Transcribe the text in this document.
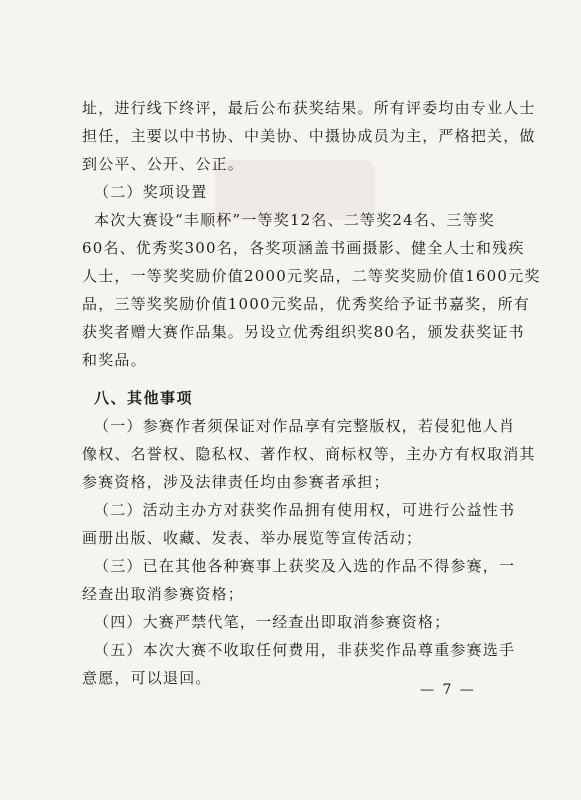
址，进行线下终评，最后公布获奖结果。所有评委均由专业人士
担任，主要以中书协、中美协、中摄协成员为主，严格把关，做
到公平、公开、公正。
（二）奖项设置
本次大赛设“丰顺杯”一等奖12名、二等奖24名、三等奖
60名、优秀奖300名，各奖项涵盖书画摄影、健全人士和残疾
人士，一等奖奖励价值2000元奖品，二等奖奖励价值1600元奖
品，三等奖奖励价值1000元奖品，优秀奖给予证书嘉奖，所有
获奖者赠大赛作品集。另设立优秀组织奖80名，颁发获奖证书
和奖品。
八、其他事项
（一）参赛作者须保证对作品享有完整版权，若侵犯他人肖
像权、名誉权、隐私权、著作权、商标权等，主办方有权取消其
参赛资格，涉及法律责任均由参赛者承担；
（二）活动主办方对获奖作品拥有使用权，可进行公益性书
画册出版、收藏、发表、举办展览等宣传活动；
（三）已在其他各种赛事上获奖及入选的作品不得参赛，一
经查出取消参赛资格；
（四）大赛严禁代笔，一经查出即取消参赛资格；
（五）本次大赛不收取任何费用，非获奖作品尊重参赛选手
意愿，可以退回。
— 7 —
